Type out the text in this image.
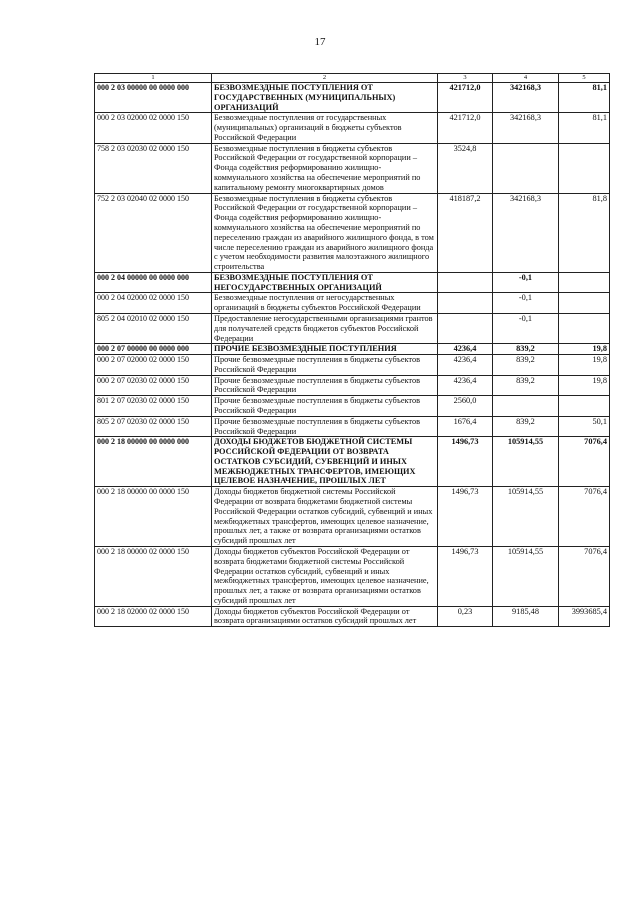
17
1	2	3	4	5
000 2 03 00000 00 0000 000	БЕЗВОЗМЕЗДНЫЕ ПОСТУПЛЕНИЯ ОТ ГОСУДАРСТВЕННЫХ (МУНИЦИПАЛЬНЫХ) ОРГАНИЗАЦИЙ	421712,0	342168,3	81,1
000 2 03 02000 02 0000 150	Безвозмездные поступления от государственных (муниципальных) организаций в бюджеты субъектов Российской Федерации	421712,0	342168,3	81,1
758 2 03 02030 02 0000 150	Безвозмездные поступления в бюджеты субъектов Российской Федерации от государственной корпорации – Фонда содействия реформированию жилищно-коммунального хозяйства на обеспечение мероприятий по капитальному ремонту многоквартирных домов	3524,8		
752 2 03 02040 02 0000 150	Безвозмездные поступления в бюджеты субъектов Российской Федерации от государственной корпорации – Фонда содействия реформированию жилищно-коммунального хозяйства на обеспечение мероприятий по переселению граждан из аварийного жилищного фонда, в том числе переселению граждан из аварийного жилищного фонда с учетом необходимости развития малоэтажного жилищного строительства	418187,2	342168,3	81,8
000 2 04 00000 00 0000 000	БЕЗВОЗМЕЗДНЫЕ ПОСТУПЛЕНИЯ ОТ НЕГОСУДАРСТВЕННЫХ ОРГАНИЗАЦИЙ		-0,1	
000 2 04 02000 02 0000 150	Безвозмездные поступления от негосударственных организаций в бюджеты субъектов Российской Федерации		-0,1	
805 2 04 02010 02 0000 150	Предоставление негосударственными организациями грантов для получателей средств бюджетов субъектов Российской Федерации		-0,1	
000 2 07 00000 00 0000 000	ПРОЧИЕ БЕЗВОЗМЕЗДНЫЕ ПОСТУПЛЕНИЯ	4236,4	839,2	19,8
000 2 07 02000 02 0000 150	Прочие безвозмездные поступления в бюджеты субъектов Российской Федерации	4236,4	839,2	19,8
000 2 07 02030 02 0000 150	Прочие безвозмездные поступления в бюджеты субъектов Российской Федерации	4236,4	839,2	19,8
801 2 07 02030 02 0000 150	Прочие безвозмездные поступления в бюджеты субъектов Российской Федерации	2560,0		
805 2 07 02030 02 0000 150	Прочие безвозмездные поступления в бюджеты субъектов Российской Федерации	1676,4	839,2	50,1
000 2 18 00000 00 0000 000	ДОХОДЫ БЮДЖЕТОВ БЮДЖЕТНОЙ СИСТЕМЫ РОССИЙСКОЙ ФЕДЕРАЦИИ ОТ ВОЗВРАТА ОСТАТКОВ СУБСИДИЙ, СУБВЕНЦИЙ И ИНЫХ МЕЖБЮДЖЕТНЫХ ТРАНСФЕРТОВ, ИМЕЮЩИХ ЦЕЛЕВОЕ НАЗНАЧЕНИЕ, ПРОШЛЫХ ЛЕТ	1496,73	105914,55	7076,4
000 2 18 00000 00 0000 150	Доходы бюджетов бюджетной системы Российской Федерации от возврата бюджетами бюджетной системы Российской Федерации остатков субсидий, субвенций и иных межбюджетных трансфертов, имеющих целевое назначение, прошлых лет, а также от возврата организациями остатков субсидий прошлых лет	1496,73	105914,55	7076,4
000 2 18 00000 02 0000 150	Доходы бюджетов субъектов Российской Федерации от возврата бюджетами бюджетной системы Российской Федерации остатков субсидий, субвенций и иных межбюджетных трансфертов, имеющих целевое назначение, прошлых лет, а также от возврата организациями остатков субсидий прошлых лет	1496,73	105914,55	7076,4
000 2 18 02000 02 0000 150	Доходы бюджетов субъектов Российской Федерации от возврата организациями остатков субсидий прошлых лет	0,23	9185,48	3993685,4
